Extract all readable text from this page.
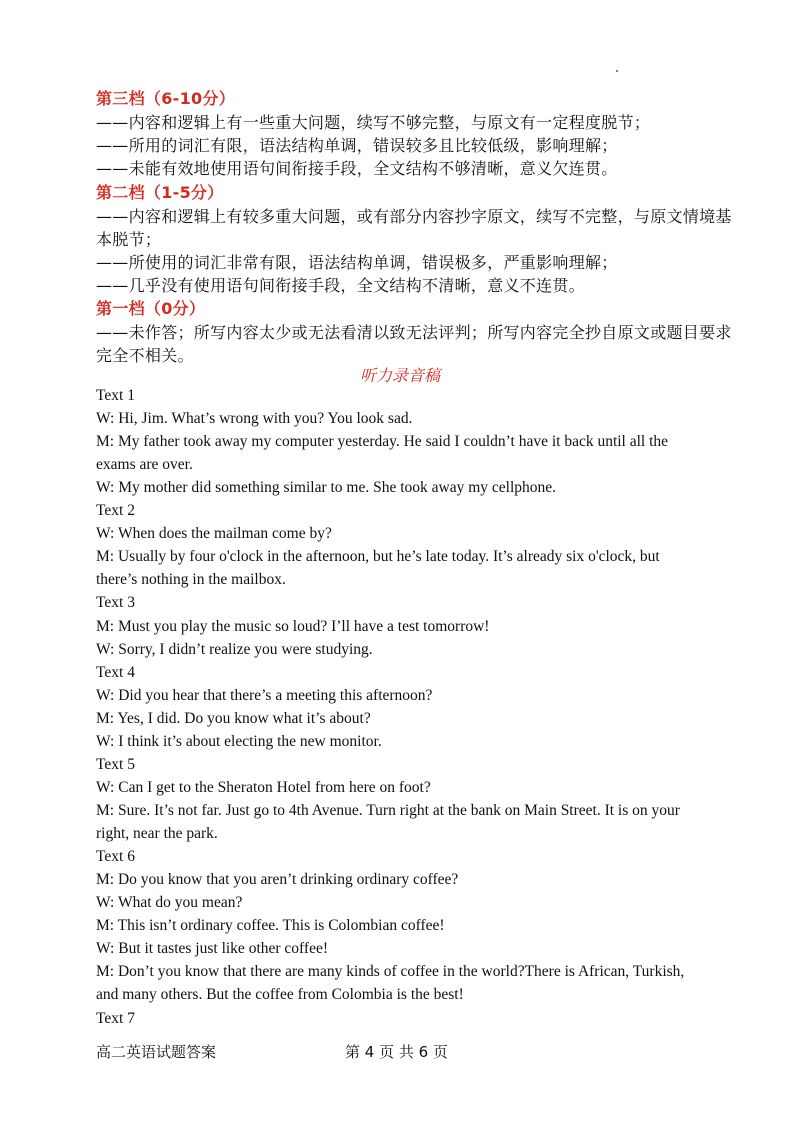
第三档（6-10分）
——内容和逻辑上有一些重大问题，续写不够完整，与原文有一定程度脱节；
——所用的词汇有限，语法结构单调，错误较多且比较低级，影响理解；
——未能有效地使用语句间衔接手段，全文结构不够清晰，意义欠连贯。
第二档（1-5分）
——内容和逻辑上有较多重大问题，或有部分内容抄字原文，续写不完整，与原文情境基
本脱节；
——所使用的词汇非常有限，语法结构单调，错误极多，严重影响理解；
——几乎没有使用语句间衔接手段，全文结构不清晰，意义不连贯。
第一档（0分）
——未作答；所写内容太少或无法看清以致无法评判；所写内容完全抄自原文或题目要求
完全不相关。
听力录音稿
Text 1
W: Hi, Jim. What’s wrong with you? You look sad.
M: My father took away my computer yesterday. He said I couldn’t have it back until all the
exams are over.
W: My mother did something similar to me. She took away my cellphone.
Text 2
W: When does the mailman come by?
M: Usually by four o'clock in the afternoon, but he’s late today. It’s already six o'clock, but
there’s nothing in the mailbox.
Text 3
M: Must you play the music so loud? I’ll have a test tomorrow!
W: Sorry, I didn’t realize you were studying.
Text 4
W: Did you hear that there’s a meeting this afternoon?
M: Yes, I did. Do you know what it’s about?
W: I think it’s about electing the new monitor.
Text 5
W: Can I get to the Sheraton Hotel from here on foot?
M: Sure. It’s not far. Just go to 4th Avenue. Turn right at the bank on Main Street. It is on your
right, near the park.
Text 6
M: Do you know that you aren’t drinking ordinary coffee?
W: What do you mean?
M: This isn’t ordinary coffee. This is Colombian coffee!
W: But it tastes just like other coffee!
M: Don’t you know that there are many kinds of coffee in the world?There is African, Turkish,
and many others. But the coffee from Colombia is the best!
Text 7
高二英语试题答案	第 4 页 共 6 页
